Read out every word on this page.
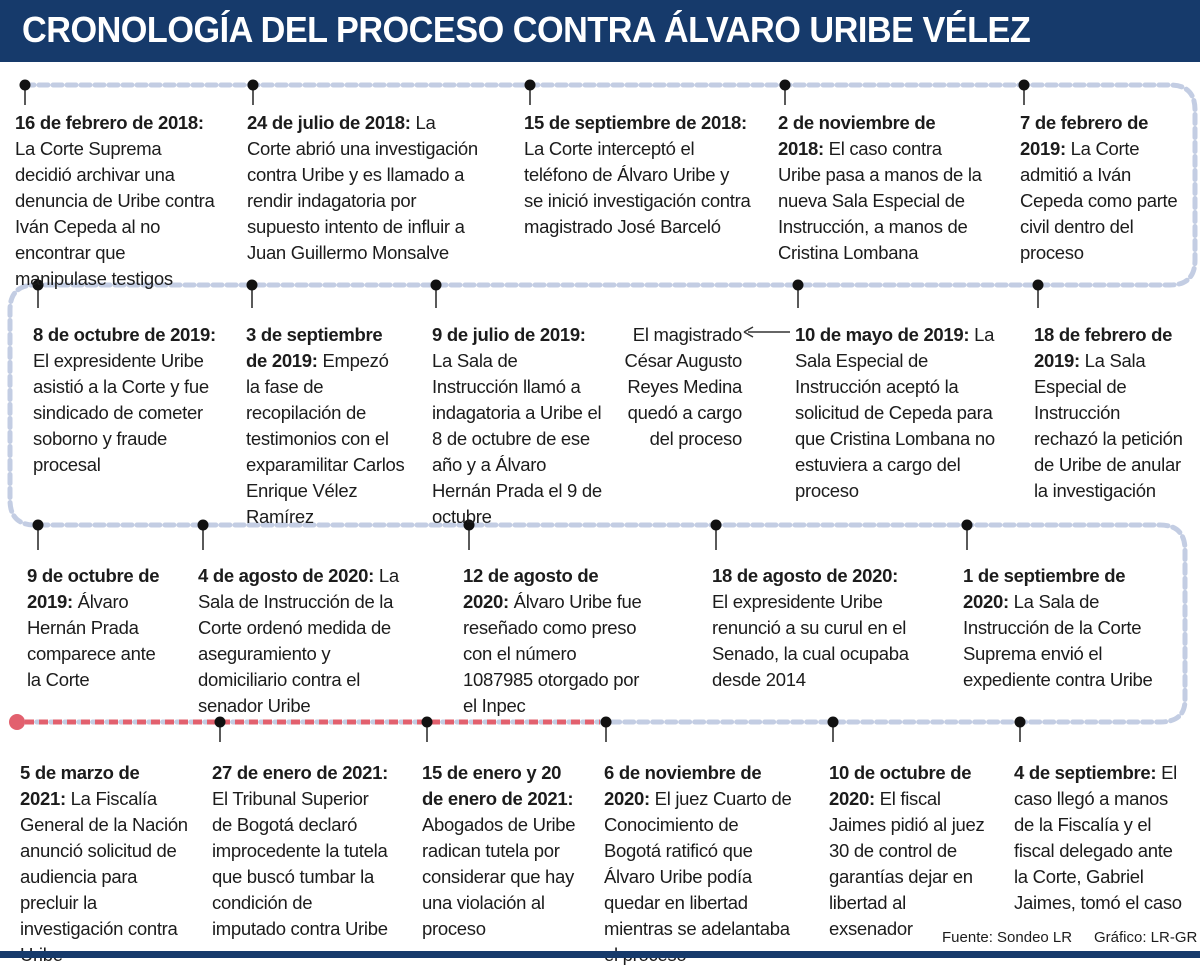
CRONOLOGÍA DEL PROCESO CONTRA ÁLVARO URIBE VÉLEZ
16 de febrero de 2018: La Corte Suprema decidió archivar una denuncia de Uribe contra Iván Cepeda al no encontrar que manipulase testigos
24 de julio de 2018: La Corte abrió una investigación contra Uribe y es llamado a rendir indagatoria por supuesto intento de influir a Juan Guillermo Monsalve
15 de septiembre de 2018: La Corte interceptó el teléfono de Álvaro Uribe y se inició investigación contra magistrado José Barceló
2 de noviembre de 2018: El caso contra Uribe pasa a manos de la nueva Sala Especial de Instrucción, a manos de Cristina Lombana
7 de febrero de 2019: La Corte admitió a Iván Cepeda como parte civil dentro del proceso
8 de octubre de 2019: El expresidente Uribe asistió a la Corte y fue sindicado de cometer soborno y fraude procesal
3 de septiembre de 2019: Empezó la fase de recopilación de testimonios con el exparamilitar Carlos Enrique Vélez Ramírez
9 de julio de 2019: La Sala de Instrucción llamó a indagatoria a Uribe el 8 de octubre de ese año y a Álvaro Hernán Prada el 9 de octubre
El magistrado César Augusto Reyes Medina quedó a cargo del proceso
10 de mayo de 2019: La Sala Especial de Instrucción aceptó la solicitud de Cepeda para que Cristina Lombana no estuviera a cargo del proceso
18 de febrero de 2019: La Sala Especial de Instrucción rechazó la petición de Uribe de anular la investigación
9 de octubre de 2019: Álvaro Hernán Prada comparece ante la Corte
4 de agosto de 2020: La Sala de Instrucción de la Corte ordenó medida de aseguramiento y domiciliario contra el senador Uribe
12 de agosto de 2020: Álvaro Uribe fue reseñado como preso con el número 1087985 otorgado por el Inpec
18 de agosto de 2020: El expresidente Uribe renunció a su curul en el Senado, la cual ocupaba desde 2014
1 de septiembre de 2020: La Sala de Instrucción de la Corte Suprema envió el expediente contra Uribe
5 de marzo de 2021: La Fiscalía General de la Nación anunció solicitud de audiencia para precluir la investigación contra
27 de enero de 2021: El Tribunal Superior de Bogotá declaró improcedente la tutela que buscó tumbar la condición de imputado contra Uribe
15 de enero y 20 de enero de 2021: Abogados de Uribe radican tutela por considerar que hay una violación al proceso
6 de noviembre de 2020: El juez Cuarto de Conocimiento de Bogotá ratificó que Álvaro Uribe podía quedar en libertad mientras se adelantaba
10 de octubre de 2020: El fiscal Jaimes pidió al juez 30 de control de garantías dejar en libertad al exsenador
4 de septiembre: El caso llegó a manos de la Fiscalía y el fiscal delegado ante la Corte, Gabriel Jaimes, tomó el caso
Fuente: Sondeo LR Gráfico: LR-GR
